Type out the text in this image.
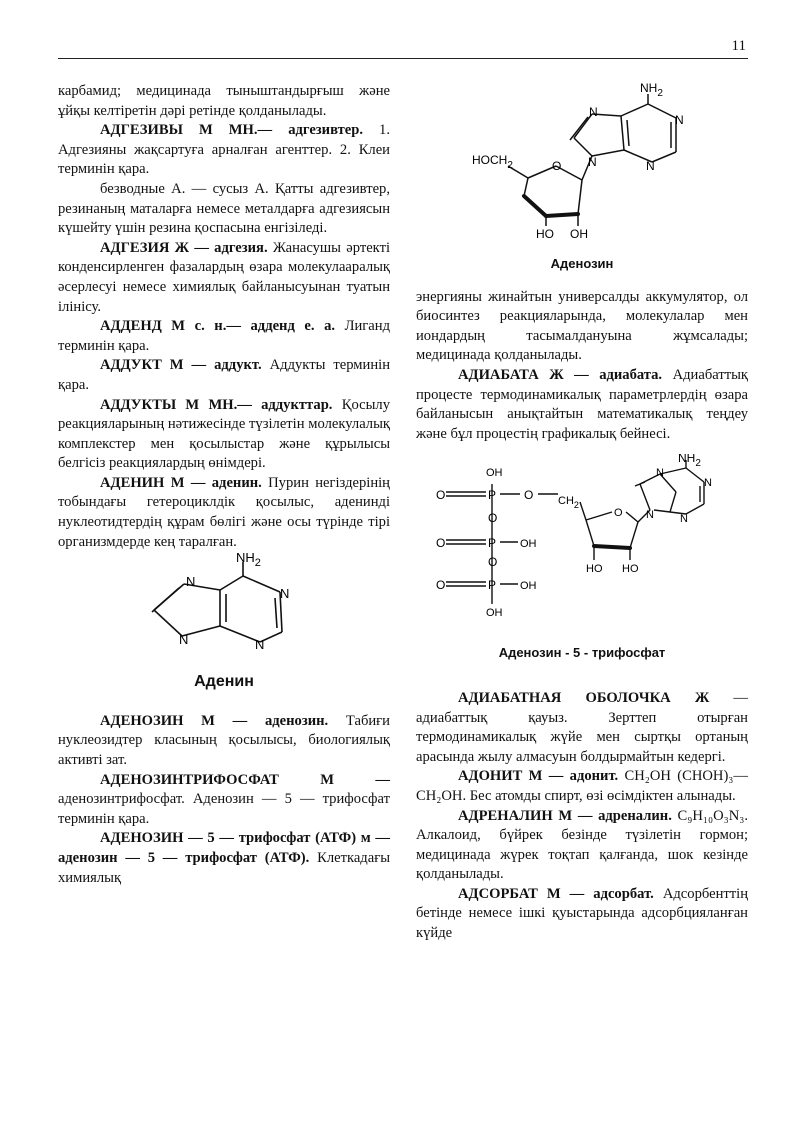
11

карбамид; медицинада тыныштандырғыш және ұйқы келтіретін дәрі ретінде қолданылады.

АДГЕЗИВЫ М МН.— адгезивтер. 1. Адгезияны жақсартуға арналған агенттер. 2. Клеи терминін қара.

безводные А. — сусыз А. Қатты адгезивтер, резинаның маталарға немесе металдарға адгезиясын күшейту үшін резина қоспасына енгізіледі.

АДГЕЗИЯ Ж — адгезия. Жанасушы әртекті конденсирленген фазалардың өзара молекулааралық әсерлесуі немесе химиялық байланысуынан туатын ілінісу.

АДДЕНД М с. н.— адденд е. а. Лиганд терминін қара.

АДДУКТ М — аддукт. Аддукты терминін қара.

АДДУКТЫ М МН.— аддукттар. Қосылу реакцияларының нәтижесінде түзілетін молекулалық комплекстер мен қосылыстар және құрылысы белгісіз реакциялардың өнімдері.

АДЕНИН М — аденин. Пурин негіздерінің тобындағы гетероциклдік қосылыс, аденинді нуклеотидтердің құрам бөлігі және осы түрінде тірі организмдерде кең таралған.

$NH_2$
N
N
N
N
Аденин

АДЕНОЗИН М — аденозин. Табиғи нуклеозидтер класының қосылысы, биологиялық активті зат.

АДЕНОЗИНТРИФОСФАТ М — аденозинтрифосфат. Аденозин — 5 — трифосфат терминін қара.

АДЕНОЗИН — 5 — трифосфат (АТФ) м — аденозин — 5 — трифосфат (АТФ). Клеткадағы химиялық

$NH_2$
N
N
N
N
O
$HOCH_2$
HO OH
Аденозин

энергияны жинайтын универсалды аккумулятор, ол биосинтез реакцияларында, молекулалар мен иондардың тасымалдануына жұмсалады; медицинада қолданылады.

АДИАБАТА Ж — адиабата. Адиабаттық процесте термодинамикалық параметрлердің өзара байланысын анықтайтын математикалық теңдеу және бұл процестің графикалық бейнесі.

OH
O	P O $CH_2$
O
O	P OH
O
O	P OH
OH
O
HO HO
$NH_2$
N
N
N
N
Аденозин - 5 - трифосфат

АДИАБАТНАЯ ОБОЛОЧКА Ж — адиабаттық қауыз. Зерттеп отырған термодинамикалық жүйе мен сыртқы ортаның арасында жылу алмасуын болдырмайтын кедергі.

АДОНИТ М — адонит. CH₂OH (CHOH)₃—CH₂OH. Бес атомды спирт, өзі өсімдіктен алынады.

АДРЕНАЛИН М — адреналин. C₉H₁₀O₃N₃. Алкалоид, бүйрек безінде түзілетін гормон; медицинада жүрек тоқтап қалғанда, шок кезінде қолданылады.

АДСОРБАТ М — адсорбат. Адсорбенттің бетінде немесе ішкі қуыстарында адсорбцияланған күйде
